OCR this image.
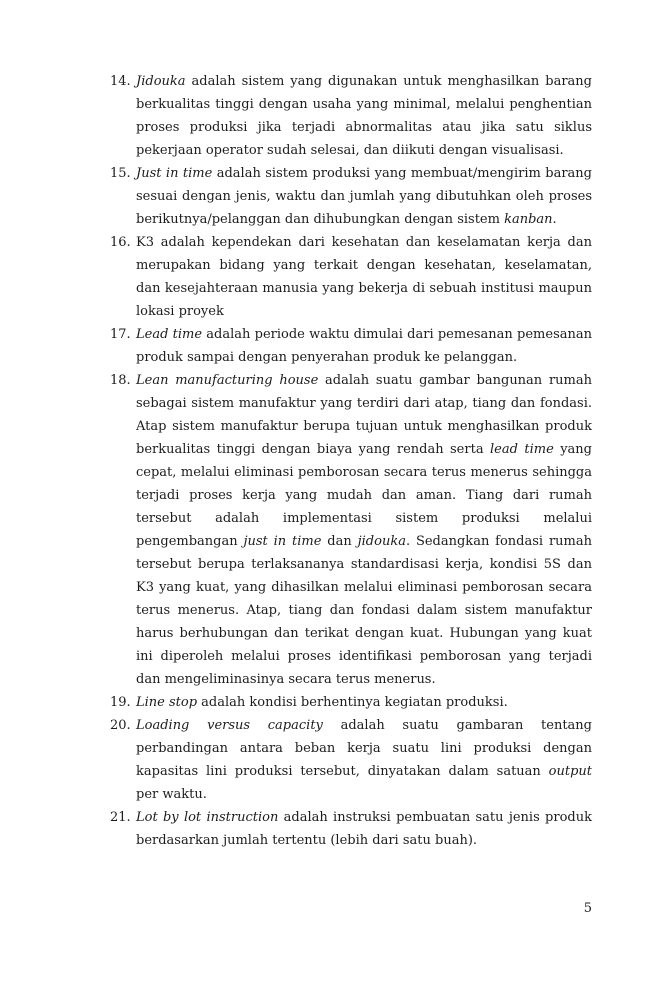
14. Jidouka adalah sistem yang digunakan untuk menghasilkan barang berkualitas tinggi dengan usaha yang minimal, melalui penghentian proses produksi jika terjadi abnormalitas atau jika satu siklus pekerjaan operator sudah selesai, dan diikuti dengan visualisasi.
15. Just in time adalah sistem produksi yang membuat/mengirim barang sesuai dengan jenis, waktu dan jumlah yang dibutuhkan oleh proses berikutnya/pelanggan dan dihubungkan dengan sistem kanban.
16. K3 adalah kependekan dari kesehatan dan keselamatan kerja dan merupakan bidang yang terkait dengan kesehatan, keselamatan, dan kesejahteraan manusia yang bekerja di sebuah institusi maupun lokasi proyek
17. Lead time adalah periode waktu dimulai dari pemesanan pemesanan produk sampai dengan penyerahan produk ke pelanggan.
18. Lean manufacturing house adalah suatu gambar bangunan rumah sebagai sistem manufaktur yang terdiri dari atap, tiang dan fondasi. Atap sistem manufaktur berupa tujuan untuk menghasilkan produk berkualitas tinggi dengan biaya yang rendah serta lead time yang cepat, melalui eliminasi pemborosan secara terus menerus sehingga terjadi proses kerja yang mudah dan aman. Tiang dari rumah tersebut adalah implementasi sistem produksi melalui pengembangan just in time dan jidouka. Sedangkan fondasi rumah tersebut berupa terlaksananya standardisasi kerja, kondisi 5S dan K3 yang kuat, yang dihasilkan melalui eliminasi pemborosan secara terus menerus. Atap, tiang dan fondasi dalam sistem manufaktur harus berhubungan dan terikat dengan kuat. Hubungan yang kuat ini diperoleh melalui proses identifikasi pemborosan yang terjadi dan mengeliminasinya secara terus menerus.
19. Line stop adalah kondisi berhentinya kegiatan produksi.
20. Loading versus capacity adalah suatu gambaran tentang perbandingan antara beban kerja suatu lini produksi dengan kapasitas lini produksi tersebut, dinyatakan dalam satuan output per waktu.
21. Lot by lot instruction adalah instruksi pembuatan satu jenis produk berdasarkan jumlah tertentu (lebih dari satu buah).
5
